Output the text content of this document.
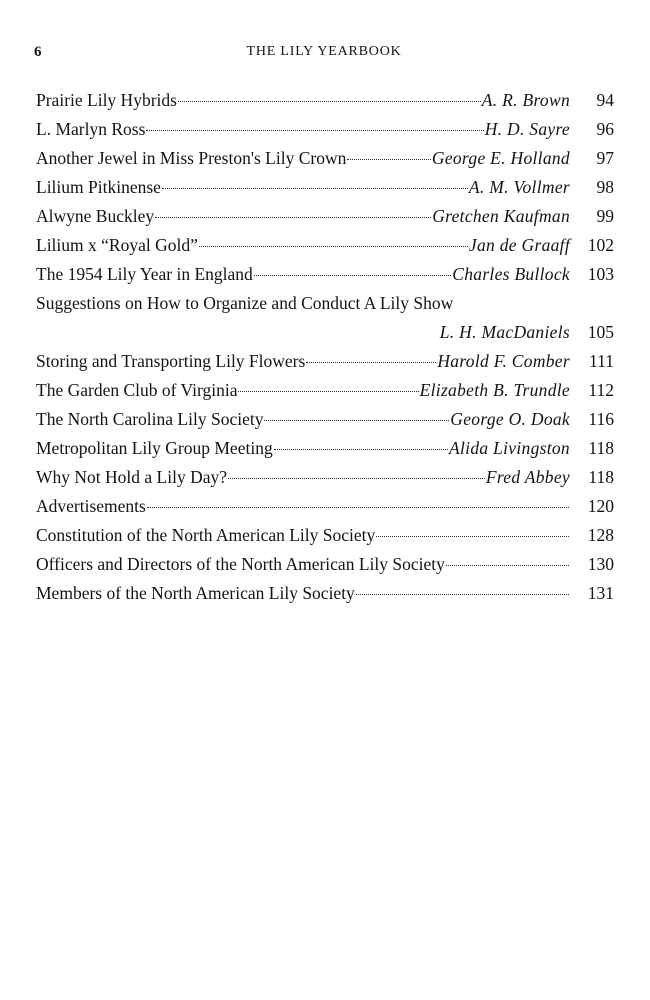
6	THE LILY YEARBOOK
Prairie Lily Hybrids	A. R. Brown	94
L. Marlyn Ross	H. D. Sayre	96
Another Jewel in Miss Preston's Lily Crown	George E. Holland	97
Lilium Pitkinense	A. M. Vollmer	98
Alwyne Buckley	Gretchen Kaufman	99
Lilium x “Royal Gold”	Jan de Graaff	102
The 1954 Lily Year in England	Charles Bullock	103
Suggestions on How to Organize and Conduct A Lily Show
L. H. MacDaniels	105
Storing and Transporting Lily Flowers	Harold F. Comber	111
The Garden Club of Virginia	Elizabeth B. Trundle	112
The North Carolina Lily Society	George O. Doak	116
Metropolitan Lily Group Meeting	Alida Livingston	118
Why Not Hold a Lily Day?	Fred Abbey	118
Advertisements	120
Constitution of the North American Lily Society	128
Officers and Directors of the North American Lily Society	130
Members of the North American Lily Society	131
